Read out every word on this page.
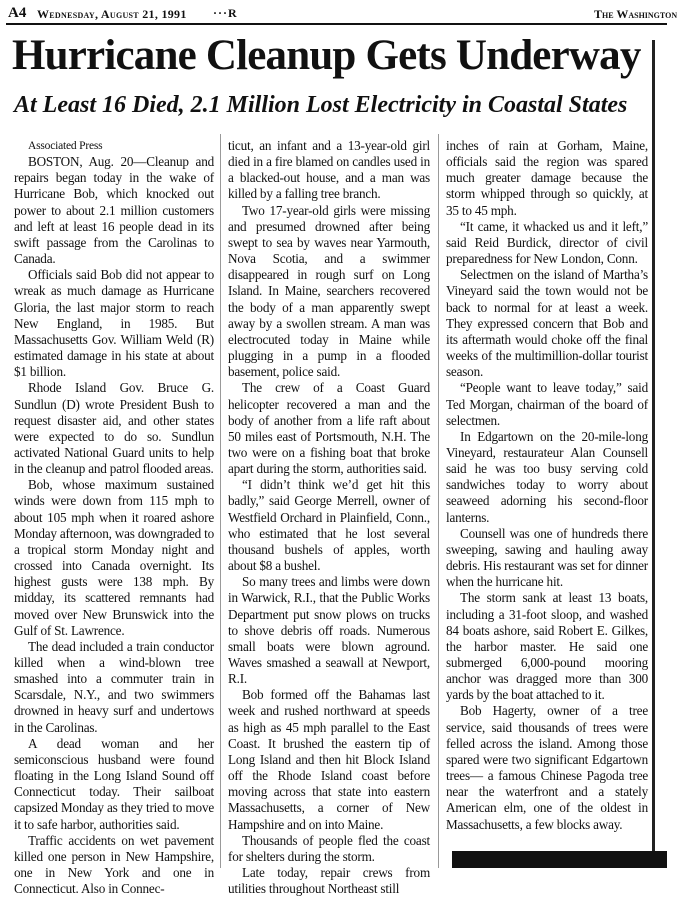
A4 Wednesday, August 21, 1991 ···R	The Washington
Hurricane Cleanup Gets Underway
At Least 16 Died, 2.1 Million Lost Electricity in Coastal States

Associated Press

BOSTON, Aug. 20—Cleanup and repairs began today in the wake of Hurricane Bob, which knocked out power to about 2.1 million customers and left at least 16 people dead in its swift passage from the Carolinas to Canada.

Officials said Bob did not appear to wreak as much damage as Hurricane Gloria, the last major storm to reach New England, in 1985. But Massachusetts Gov. William Weld (R) estimated damage in his state at about $1 billion.

Rhode Island Gov. Bruce G. Sundlun (D) wrote President Bush to request disaster aid, and other states were expected to do so. Sundlun activated National Guard units to help in the cleanup and patrol flooded areas.

Bob, whose maximum sustained winds were down from 115 mph to about 105 mph when it roared ashore Monday afternoon, was downgraded to a tropical storm Monday night and crossed into Canada overnight. Its highest gusts were 138 mph. By midday, its scattered remnants had moved over New Brunswick into the Gulf of St. Lawrence.

The dead included a train conductor killed when a wind-blown tree smashed into a commuter train in Scarsdale, N.Y., and two swimmers drowned in heavy surf and undertows in the Carolinas.

A dead woman and her semiconscious husband were found floating in the Long Island Sound off Connecticut today. Their sailboat capsized Monday as they tried to move it to safe harbor, authorities said.

Traffic accidents on wet pavement killed one person in New Hampshire, one in New York and one in Connecticut. Also in Connec-

ticut, an infant and a 13-year-old girl died in a fire blamed on candles used in a blacked-out house, and a man was killed by a falling tree branch.

Two 17-year-old girls were missing and presumed drowned after being swept to sea by waves near Yarmouth, Nova Scotia, and a swimmer disappeared in rough surf on Long Island. In Maine, searchers recovered the body of a man apparently swept away by a swollen stream. A man was electrocuted today in Maine while plugging in a pump in a flooded basement, police said.

The crew of a Coast Guard helicopter recovered a man and the body of another from a life raft about 50 miles east of Portsmouth, N.H. The two were on a fishing boat that broke apart during the storm, authorities said.

“I didn’t think we’d get hit this badly,” said George Merrell, owner of Westfield Orchard in Plainfield, Conn., who estimated that he lost several thousand bushels of apples, worth about $8 a bushel.

So many trees and limbs were down in Warwick, R.I., that the Public Works Department put snow plows on trucks to shove debris off roads. Numerous small boats were blown aground. Waves smashed a seawall at Newport, R.I.

Bob formed off the Bahamas last week and rushed northward at speeds as high as 45 mph parallel to the East Coast. It brushed the eastern tip of Long Island and then hit Block Island off the Rhode Island coast before moving across that state into eastern Massachusetts, a corner of New Hampshire and on into Maine.

Thousands of people fled the coast for shelters during the storm.

Late today, repair crews from utilities throughout Northeast still

inches of rain at Gorham, Maine, officials said the region was spared much greater damage because the storm whipped through so quickly, at 35 to 45 mph.

“It came, it whacked us and it left,” said Reid Burdick, director of civil preparedness for New London, Conn.

Selectmen on the island of Martha’s Vineyard said the town would not be back to normal for at least a week. They expressed concern that Bob and its aftermath would choke off the final weeks of the multimillion-dollar tourist season.

“People want to leave today,” said Ted Morgan, chairman of the board of selectmen.

In Edgartown on the 20-mile-long Vineyard, restaurateur Alan Counsell said he was too busy serving cold sandwiches today to worry about seaweed adorning his second-floor lanterns.

Counsell was one of hundreds there sweeping, sawing and hauling away debris. His restaurant was set for dinner when the hurricane hit.

The storm sank at least 13 boats, including a 31-foot sloop, and washed 84 boats ashore, said Robert E. Gilkes, the harbor master. He said one submerged 6,000-pound mooring anchor was dragged more than 300 yards by the boat attached to it.

Bob Hagerty, owner of a tree service, said thousands of trees were felled across the island. Among those spared were two significant Edgartown trees— a famous Chinese Pagoda tree near the waterfront and a stately American elm, one of the oldest in Massachusetts, a few blocks away.
